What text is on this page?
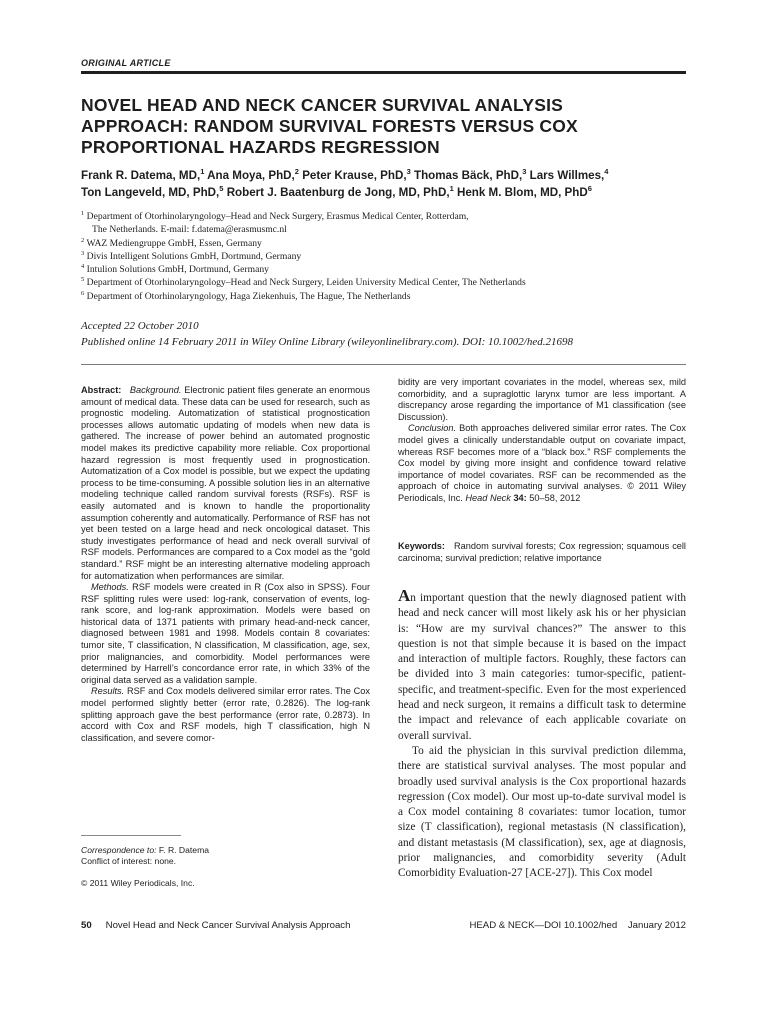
ORIGINAL ARTICLE
NOVEL HEAD AND NECK CANCER SURVIVAL ANALYSIS
APPROACH: RANDOM SURVIVAL FORESTS VERSUS COX
PROPORTIONAL HAZARDS REGRESSION

Frank R. Datema, MD,$^1$ Ana Moya, PhD,$^2$ Peter Krause, PhD,$^3$ Thomas Bäck, PhD,$^3$ Lars Willmes,$^4$
Ton Langeveld, MD, PhD,$^5$ Robert J. Baatenburg de Jong, MD, PhD,$^1$ Henk M. Blom, MD, PhD$^6$

$^1$ Department of Otorhinolaryngology–Head and Neck Surgery, Erasmus Medical Center, Rotterdam,
The Netherlands. E-mail: f.datema@erasmusmc.nl
$^2$ WAZ Mediengruppe GmbH, Essen, Germany
$^3$ Divis Intelligent Solutions GmbH, Dortmund, Germany
$^4$ Intulion Solutions GmbH, Dortmund, Germany
$^5$ Department of Otorhinolaryngology–Head and Neck Surgery, Leiden University Medical Center, The Netherlands
$^6$ Department of Otorhinolaryngology, Haga Ziekenhuis, The Hague, The Netherlands
Accepted 22 October 2010
Published online 14 February 2011 in Wiley Online Library (wileyonlinelibrary.com). DOI: 10.1002/hed.21698

Abstract: Background. Electronic patient files generate an enormous amount of medical data. These data can be used for research, such as prognostic modeling. Automatization of statistical prognostication processes allows automatic updating of models when new data is gathered. The increase of power behind an automated prognostic model makes its predictive capability more reliable. Cox proportional hazard regression is most frequently used in prognostication. Automatization of a Cox model is possible, but we expect the updating process to be time-consuming. A possible solution lies in an alternative modeling technique called random survival forests (RSFs). RSF is easily automated and is known to handle the proportionality assumption coherently and automatically. Performance of RSF has not yet been tested on a large head and neck oncological dataset. This study investigates performance of head and neck overall survival of RSF models. Performances are compared to a Cox model as the “gold standard.” RSF might be an interesting alternative modeling approach for automatization when performances are similar.

Methods. RSF models were created in R (Cox also in SPSS). Four RSF splitting rules were used: log-rank, conservation of events, log-rank score, and log-rank approximation. Models were based on historical data of 1371 patients with primary head-and-neck cancer, diagnosed between 1981 and 1998. Models contain 8 covariates: tumor site, T classification, N classification, M classification, age, sex, prior malignancies, and comorbidity. Model performances were determined by Harrell’s concordance error rate, in which 33% of the original data served as a validation sample.

Results. RSF and Cox models delivered similar error rates. The Cox model performed slightly better (error rate, 0.2826). The log-rank splitting approach gave the best performance (error rate, 0.2873). In accord with Cox and RSF models, high T classification, high N classification, and severe comor-

bidity are very important covariates in the model, whereas sex, mild comorbidity, and a supraglottic larynx tumor are less important. A discrepancy arose regarding the importance of M1 classification (see Discussion).

Conclusion. Both approaches delivered similar error rates. The Cox model gives a clinically understandable output on covariate impact, whereas RSF becomes more of a “black box.” RSF complements the Cox model by giving more insight and confidence toward relative importance of model covariates. RSF can be recommended as the approach of choice in automating survival analyses. © 2011 Wiley Periodicals, Inc. Head Neck 34: 50–58, 2012

Keywords: Random survival forests; Cox regression; squamous cell carcinoma; survival prediction; relative importance

An important question that the newly diagnosed patient with head and neck cancer will most likely ask his or her physician is: “How are my survival chances?” The answer to this question is not that simple because it is based on the impact and interaction of multiple factors. Roughly, these factors can be divided into 3 main categories: tumor-specific, patient-specific, and treatment-specific. Even for the most experienced head and neck surgeon, it remains a difficult task to determine the impact and relevance of each applicable covariate on overall survival.

To aid the physician in this survival prediction dilemma, there are statistical survival analyses. The most popular and broadly used survival analysis is the Cox proportional hazards regression (Cox model). Our most up-to-date survival model is a Cox model containing 8 covariates: tumor location, tumor size (T classification), regional metastasis (N classification), and distant metastasis (M classification), sex, age at diagnosis, prior malignancies, and comorbidity severity (Adult Comorbidity Evaluation-27 [ACE-27]). This Cox model

Correspondence to: F. R. Datema

Conflict of interest: none.

© 2011 Wiley Periodicals, Inc.

50 Novel Head and Neck Cancer Survival Analysis Approach	HEAD & NECK—DOI 10.1002/hed January 2012
